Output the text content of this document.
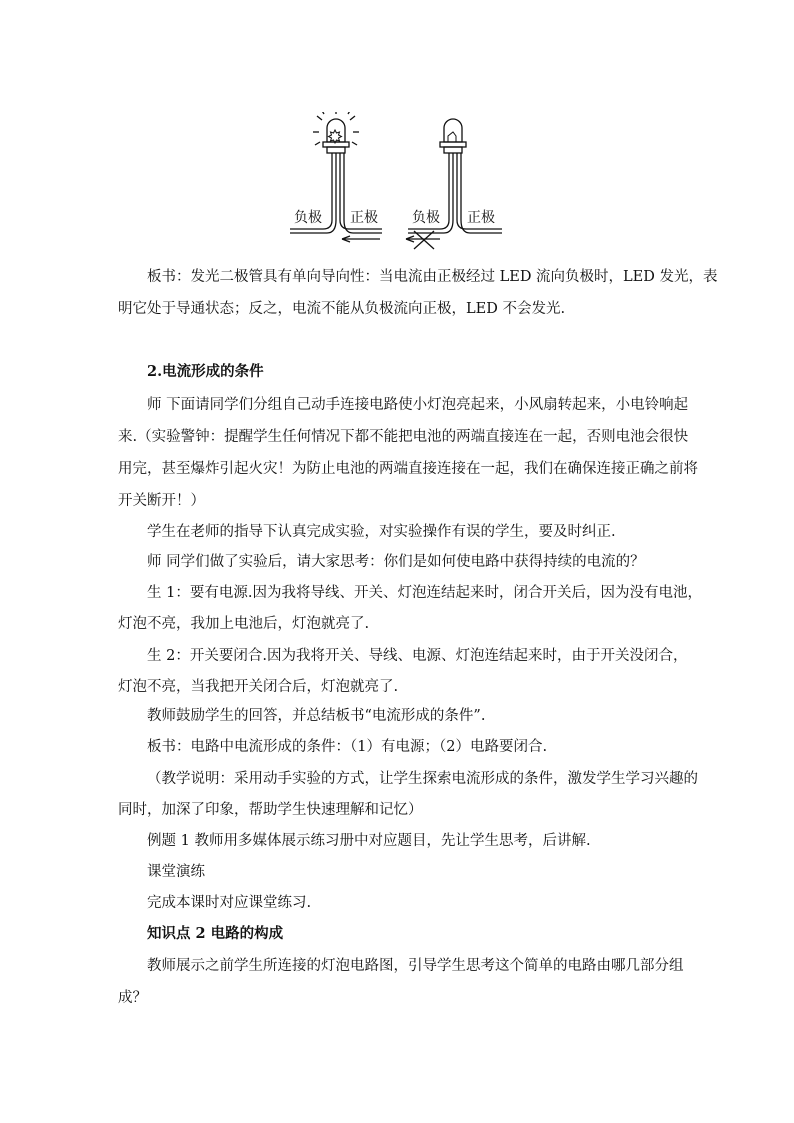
负极 正极 负极 正极
板书：发光二极管具有单向导向性：当电流由正极经过 LED 流向负极时，LED 发光，表
明它处于导通状态；反之，电流不能从负极流向正极，LED 不会发光.
2.电流形成的条件
师 下面请同学们分组自己动手连接电路使小灯泡亮起来，小风扇转起来，小电铃响起
来.（实验警钟：提醒学生任何情况下都不能把电池的两端直接连在一起，否则电池会很快
用完，甚至爆炸引起火灾！为防止电池的两端直接连接在一起，我们在确保连接正确之前将
开关断开！）
学生在老师的指导下认真完成实验，对实验操作有误的学生，要及时纠正.
师 同学们做了实验后，请大家思考：你们是如何使电路中获得持续的电流的？
生 1：要有电源.因为我将导线、开关、灯泡连结起来时，闭合开关后，因为没有电池，
灯泡不亮，我加上电池后，灯泡就亮了.
生 2：开关要闭合.因为我将开关、导线、电源、灯泡连结起来时，由于开关没闭合，
灯泡不亮，当我把开关闭合后，灯泡就亮了.
教师鼓励学生的回答，并总结板书“电流形成的条件”.
板书：电路中电流形成的条件：（1）有电源；（2）电路要闭合.
（教学说明：采用动手实验的方式，让学生探索电流形成的条件，激发学生学习兴趣的
同时，加深了印象，帮助学生快速理解和记忆）
例题 1 教师用多媒体展示练习册中对应题目，先让学生思考，后讲解.
课堂演练
完成本课时对应课堂练习.
知识点 2 电路的构成
教师展示之前学生所连接的灯泡电路图，引导学生思考这个简单的电路由哪几部分组
成？
